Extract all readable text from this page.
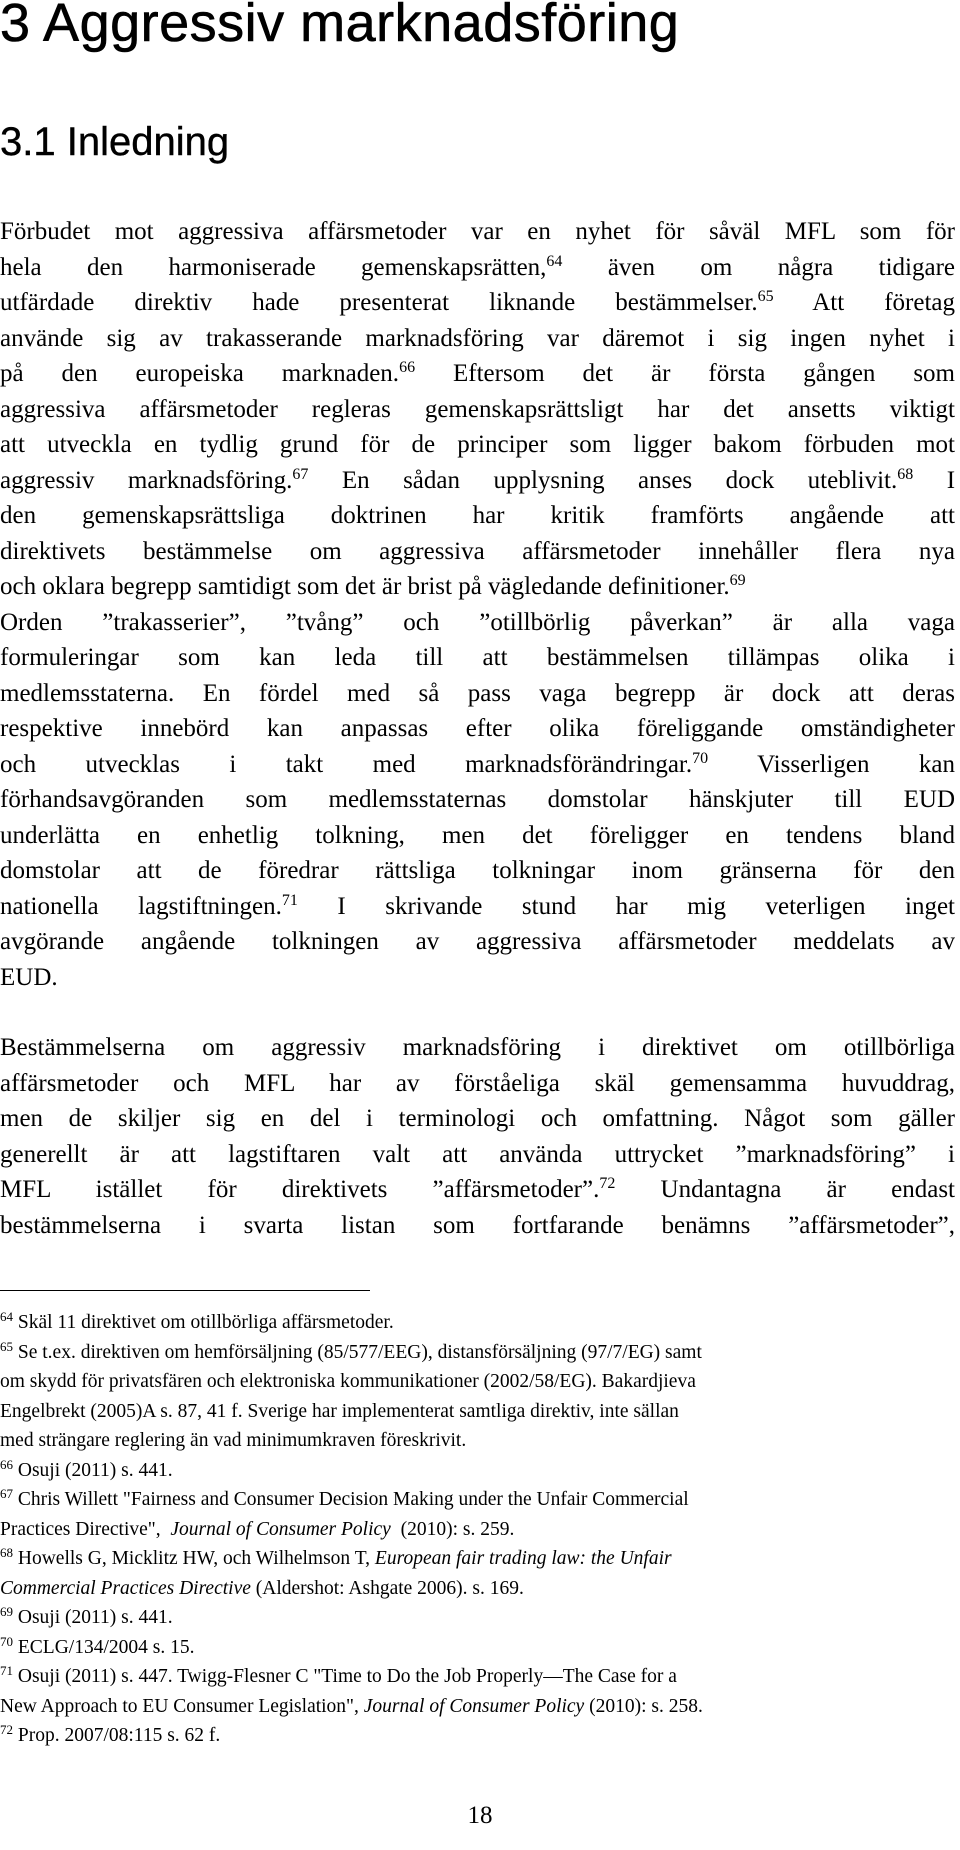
3 Aggressiv marknadsföring
3.1 Inledning
Förbudet mot aggressiva affärsmetoder var en nyhet för såväl MFL som för
hela den harmoniserade gemenskapsrätten,$^{64}$ även om några tidigare
utfärdade direktiv hade presenterat liknande bestämmelser.$^{65}$ Att företag
använde sig av trakasserande marknadsföring var däremot i sig ingen nyhet i
på den europeiska marknaden.$^{66}$ Eftersom det är första gången som
aggressiva affärsmetoder regleras gemenskapsrättsligt har det ansetts viktigt
att utveckla en tydlig grund för de principer som ligger bakom förbuden mot
aggressiv marknadsföring.$^{67}$ En sådan upplysning anses dock uteblivit.$^{68}$ I
den gemenskapsrättsliga doktrinen har kritik framförts angående att
direktivets bestämmelse om aggressiva affärsmetoder innehåller flera nya
och oklara begrepp samtidigt som det är brist på vägledande definitioner.$^{69}$
Orden ”trakasserier”, ”tvång” och ”otillbörlig påverkan” är alla vaga
formuleringar som kan leda till att bestämmelsen tillämpas olika i
medlemsstaterna. En fördel med så pass vaga begrepp är dock att deras
respektive innebörd kan anpassas efter olika föreliggande omständigheter
och utvecklas i takt med marknadsförändringar.$^{70}$ Visserligen kan
förhandsavgöranden som medlemsstaternas domstolar hänskjuter till EUD
underlätta en enhetlig tolkning, men det föreligger en tendens bland
domstolar att de föredrar rättsliga tolkningar inom gränserna för den
nationella lagstiftningen.$^{71}$ I skrivande stund har mig veterligen inget
avgörande angående tolkningen av aggressiva affärsmetoder meddelats av
EUD.
Bestämmelserna om aggressiv marknadsföring i direktivet om otillbörliga
affärsmetoder och MFL har av förståeliga skäl gemensamma huvuddrag,
men de skiljer sig en del i terminologi och omfattning. Något som gäller
generellt är att lagstiftaren valt att använda uttrycket ”marknadsföring” i
MFL istället för direktivets ”affärsmetoder”.$^{72}$ Undantagna är endast
bestämmelserna i svarta listan som fortfarande benämns ”affärsmetoder”,
$^{64}$ Skäl 11 direktivet om otillbörliga affärsmetoder.
$^{65}$ Se t.ex. direktiven om hemförsäljning (85/577/EEG), distansförsäljning (97/7/EG) samt
om skydd för privatsfären och elektroniska kommunikationer (2002/58/EG). Bakardjieva
Engelbrekt (2005)A s. 87, 41 f. Sverige har implementerat samtliga direktiv, inte sällan
med strängare reglering än vad minimumkraven föreskrivit.
$^{66}$ Osuji (2011) s. 441.
$^{67}$ Chris Willett "Fairness and Consumer Decision Making under the Unfair Commercial
Practices Directive", Journal of Consumer Policy (2010): s. 259.
$^{68}$ Howells G, Micklitz HW, och Wilhelmson T, European fair trading law: the Unfair
Commercial Practices Directive (Aldershot: Ashgate 2006). s. 169.
$^{69}$ Osuji (2011) s. 441.
$^{70}$ ECLG/134/2004 s. 15.
$^{71}$ Osuji (2011) s. 447. Twigg-Flesner C "Time to Do the Job Properly—The Case for a
New Approach to EU Consumer Legislation", Journal of Consumer Policy (2010): s. 258.
$^{72}$ Prop. 2007/08:115 s. 62 f.
18
